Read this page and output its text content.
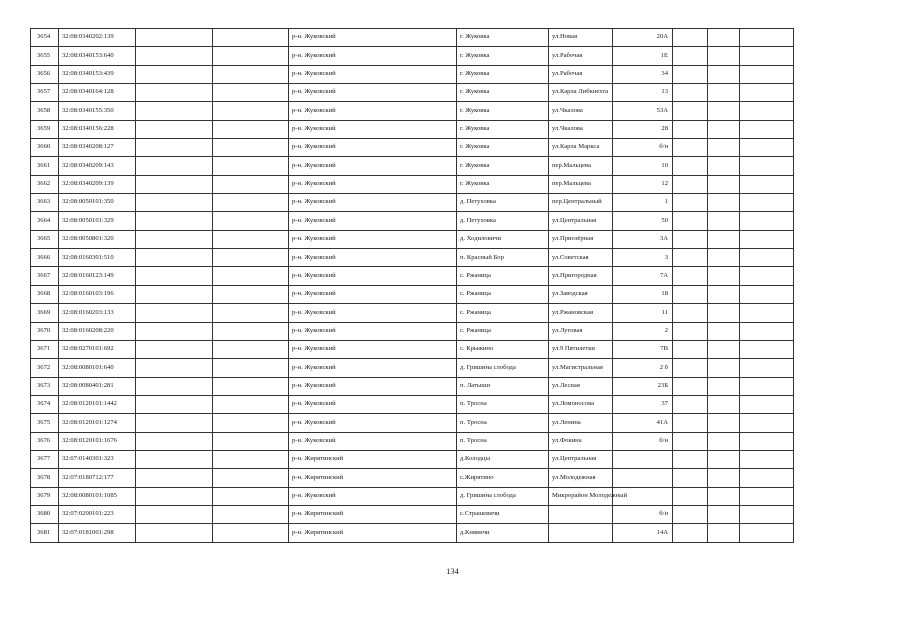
3654	32:08:0340202:139			р-н. Жуковский	г. Жуковка	ул.Новая	20А			
3655	32:08:0340153:640			р-н. Жуковский	г. Жуковка	ул.Рабочая	1Е			
3656	32:08:0340153:439			р-н. Жуковский	г. Жуковка	ул.Рабочая	34			
3657	32:08:0340164:128			р-н. Жуковский	г. Жуковка	ул.Карла Либкнехта	13			
3658	32:08:0340155:350			р-н. Жуковский	г. Жуковка	ул.Чкалова	53А			
3659	32:08:0340156:228			р-н. Жуковский	г. Жуковка	ул.Чкалова	28			
3660	32:08:0340208:127			р-н. Жуковский	г. Жуковка	ул.Карла Маркса	б/н			
3661	32:08:0340209:143			р-н. Жуковский	г. Жуковка	пер.Мальцева	10			
3662	32:08:0340209:139			р-н. Жуковский	г. Жуковка	пер.Мальцева	12			
3663	32:08:0050101:350			р-н. Жуковский	д. Петуховка	пер.Центральный	1			
3664	32:08:0050101:329			р-н. Жуковский	д. Петуховка	ул.Центральная	50			
3665	32:08:0050801:320			р-н. Жуковский	д. Ходиловичи	ул.Приозёрная	3А			
3666	32:08:0160301:510			р-н. Жуковский	п. Красный Бор	ул.Советская	3			
3667	32:08:0160123:149			р-н. Жуковский	с. Ржаница	ул.Пригородная	7А			
3668	32:08:0160103:196			р-н. Жуковский	с. Ржаница	ул.Заводская	18			
3669	32:08:0160203:133			р-н. Жуковский	с. Ржаница	ул.Ржановская	11			
3670	32:08:0160208:220			р-н. Жуковский	с. Ржаница	ул.Луговая	2			
3671	32:08:0270101:692			р-н. Жуковский	с. Крыжино	ул.9 Пятилетки	7В			
3672	32:08:0080101:640			р-н. Жуковский	д. Гришина слобода	ул.Магистральная	2 б			
3673	32:08:0080401:281			р-н. Жуковский	п. Латыши	ул.Лесная	23Б			
3674	32:08:0120101:1442			р-н. Жуковский	п. Тросна	ул.Ломоносова	37			
3675	32:08:0120101:1274			р-н. Жуковский	п. Тросна	ул.Ленина	41А			
3676	32:08:0120101:1676			р-н. Жуковский	п. Тросна	ул.Фокина	б/н			
3677	32:07:0140301:323			р-н. Жирятинский	д.Колодцы	ул.Центральная				
3678	32:07:0180712:177			р-н. Жирятинский	с.Жирятино	ул.Молодежная				
3679	32:08:0080101:1085			р-н. Жуковский	д. Гришина слобода	Микрорайон Молодежный				
3680	32:07:0200101:223			р-н. Жирятинский	с.Страшевичи		б/н			
3681	32:07:0181001:298			р-н. Жирятинский	д.Княвичи		14А			
134
